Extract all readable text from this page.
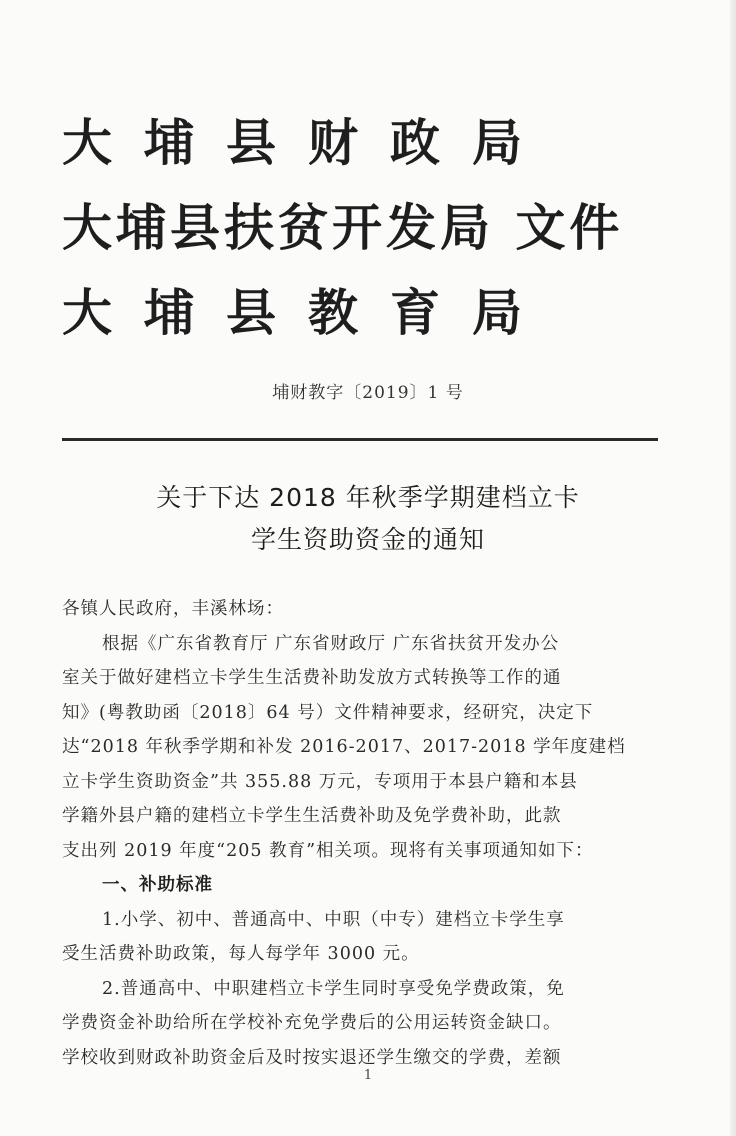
大埔县财政局
大埔县扶贫开发局 文件
大埔县教育局
埔财教字〔2019〕1 号
关于下达 2018 年秋季学期建档立卡
学生资助资金的通知
各镇人民政府，丰溪林场：
根据《广东省教育厅 广东省财政厅 广东省扶贫开发办公
室关于做好建档立卡学生生活费补助发放方式转换等工作的通
知》(粤教助函〔2018〕64 号）文件精神要求，经研究，决定下
达“2018 年秋季学期和补发 2016-2017、2017-2018 学年度建档
立卡学生资助资金”共 355.88 万元，专项用于本县户籍和本县
学籍外县户籍的建档立卡学生生活费补助及免学费补助，此款
支出列 2019 年度“205 教育”相关项。现将有关事项通知如下：
一、补助标准
1.小学、初中、普通高中、中职（中专）建档立卡学生享
受生活费补助政策，每人每学年 3000 元。
2.普通高中、中职建档立卡学生同时享受免学费政策，免
学费资金补助给所在学校补充免学费后的公用运转资金缺口。
学校收到财政补助资金后及时按实退还学生缴交的学费，差额
1
